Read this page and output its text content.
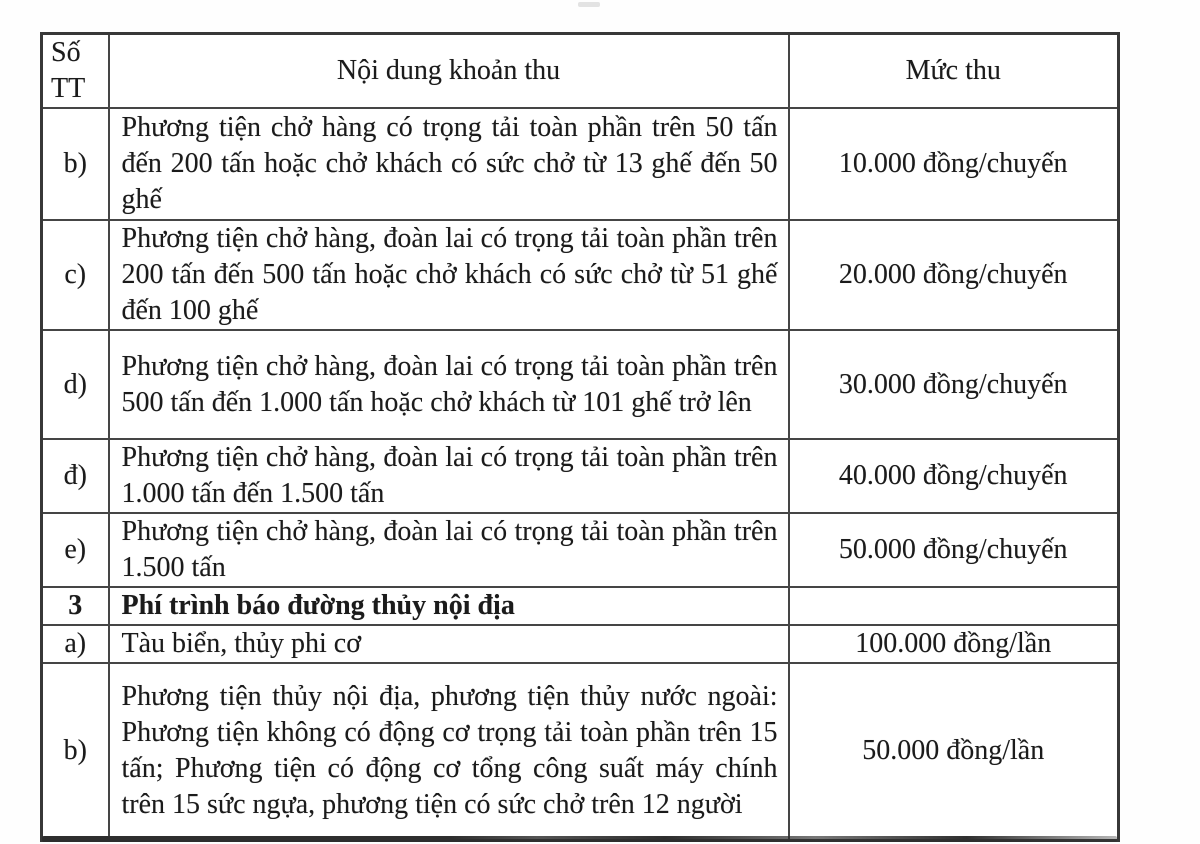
Số TT	Nội dung khoản thu	Mức thu
b)	Phương tiện chở hàng có trọng tải toàn phần trên 50 tấn đến 200 tấn hoặc chở khách có sức chở từ 13 ghế đến 50 ghế	10.000 đồng/chuyến
c)	Phương tiện chở hàng, đoàn lai có trọng tải toàn phần trên 200 tấn đến 500 tấn hoặc chở khách có sức chở từ 51 ghế đến 100 ghế	20.000 đồng/chuyến
d)	Phương tiện chở hàng, đoàn lai có trọng tải toàn phần trên 500 tấn đến 1.000 tấn hoặc chở khách từ 101 ghế trở lên	30.000 đồng/chuyến
đ)	Phương tiện chở hàng, đoàn lai có trọng tải toàn phần trên 1.000 tấn đến 1.500 tấn	40.000 đồng/chuyến
e)	Phương tiện chở hàng, đoàn lai có trọng tải toàn phần trên 1.500 tấn	50.000 đồng/chuyến
3	Phí trình báo đường thủy nội địa	
a)	Tàu biển, thủy phi cơ	100.000 đồng/lần
b)	Phương tiện thủy nội địa, phương tiện thủy nước ngoài: Phương tiện không có động cơ trọng tải toàn phần trên 15 tấn; Phương tiện có động cơ tổng công suất máy chính trên 15 sức ngựa, phương tiện có sức chở trên 12 người	50.000 đồng/lần
